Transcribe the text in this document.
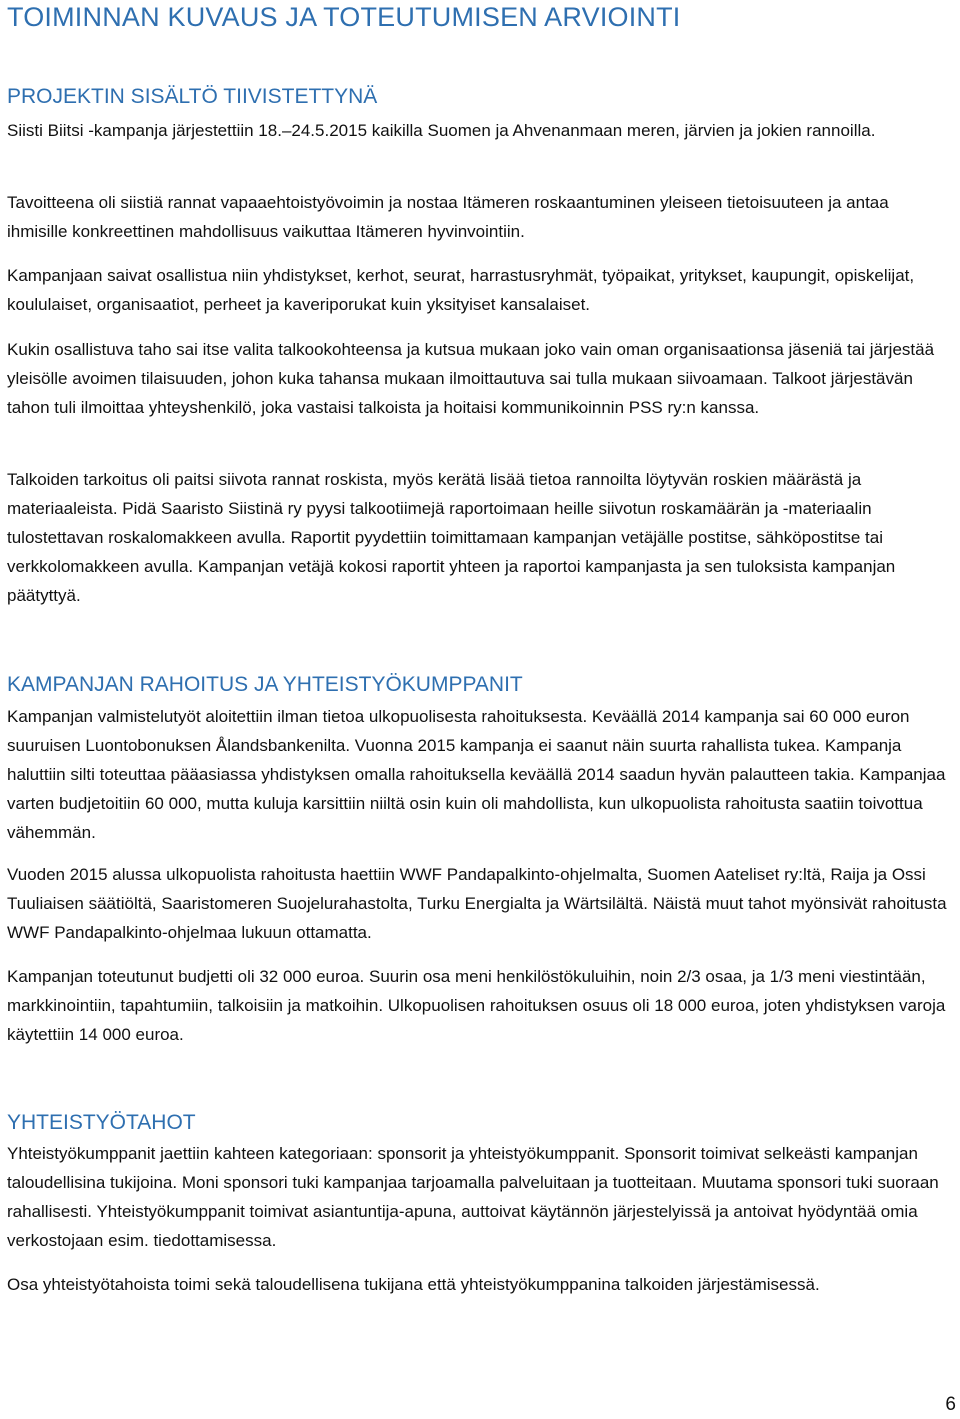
TOIMINNAN KUVAUS JA TOTEUTUMISEN ARVIOINTI
PROJEKTIN SISÄLTÖ TIIVISTETTYNÄ

Siisti Biitsi -kampanja järjestettiin 18.–24.5.2015 kaikilla Suomen ja Ahvenanmaan meren, järvien ja jokien rannoilla.

Tavoitteena oli siistiä rannat vapaaehtoistyövoimin ja nostaa Itämeren roskaantuminen yleiseen tietoisuuteen ja antaa ihmisille konkreettinen mahdollisuus vaikuttaa Itämeren hyvinvointiin.

Kampanjaan saivat osallistua niin yhdistykset, kerhot, seurat, harrastusryhmät, työpaikat, yritykset, kaupungit, opiskelijat, koululaiset, organisaatiot, perheet ja kaveriporukat kuin yksityiset kansalaiset.

Kukin osallistuva taho sai itse valita talkookohteensa ja kutsua mukaan joko vain oman organisaationsa jäseniä tai järjestää yleisölle avoimen tilaisuuden, johon kuka tahansa mukaan ilmoittautuva sai tulla mukaan siivoamaan. Talkoot järjestävän tahon tuli ilmoittaa yhteyshenkilö, joka vastaisi talkoista ja hoitaisi kommunikoinnin PSS ry:n kanssa.

Talkoiden tarkoitus oli paitsi siivota rannat roskista, myös kerätä lisää tietoa rannoilta löytyvän roskien määrästä ja materiaaleista. Pidä Saaristo Siistinä ry pyysi talkootiimejä raportoimaan heille siivotun roskamäärän ja -materiaalin tulostettavan roskalomakkeen avulla. Raportit pyydettiin toimittamaan kampanjan vetäjälle postitse, sähköpostitse tai verkkolomakkeen avulla. Kampanjan vetäjä kokosi raportit yhteen ja raportoi kampanjasta ja sen tuloksista kampanjan päätyttyä.

KAMPANJAN RAHOITUS JA YHTEISTYÖKUMPPANIT

Kampanjan valmistelutyöt aloitettiin ilman tietoa ulkopuolisesta rahoituksesta. Keväällä 2014 kampanja sai 60 000 euron suuruisen Luontobonuksen Ålandsbankenilta. Vuonna 2015 kampanja ei saanut näin suurta rahallista tukea. Kampanja haluttiin silti toteuttaa pääasiassa yhdistyksen omalla rahoituksella keväällä 2014 saadun hyvän palautteen takia. Kampanjaa varten budjetoitiin 60 000, mutta kuluja karsittiin niiltä osin kuin oli mahdollista, kun ulkopuolista rahoitusta saatiin toivottua vähemmän.

Vuoden 2015 alussa ulkopuolista rahoitusta haettiin WWF Pandapalkinto-ohjelmalta, Suomen Aateliset ry:ltä, Raija ja Ossi Tuuliaisen säätiöltä, Saaristomeren Suojelurahastolta, Turku Energialta ja Wärtsilältä. Näistä muut tahot myönsivät rahoitusta WWF Pandapalkinto-ohjelmaa lukuun ottamatta.

Kampanjan toteutunut budjetti oli 32 000 euroa. Suurin osa meni henkilöstökuluihin, noin 2/3 osaa, ja 1/3 meni viestintään, markkinointiin, tapahtumiin, talkoisiin ja matkoihin. Ulkopuolisen rahoituksen osuus oli 18 000 euroa, joten yhdistyksen varoja käytettiin 14 000 euroa.

YHTEISTYÖTAHOT

Yhteistyökumppanit jaettiin kahteen kategoriaan: sponsorit ja yhteistyökumppanit. Sponsorit toimivat selkeästi kampanjan taloudellisina tukijoina. Moni sponsori tuki kampanjaa tarjoamalla palveluitaan ja tuotteitaan. Muutama sponsori tuki suoraan rahallisesti. Yhteistyökumppanit toimivat asiantuntija-apuna, auttoivat käytännön järjestelyissä ja antoivat hyödyntää omia verkostojaan esim. tiedottamisessa.

Osa yhteistyötahoista toimi sekä taloudellisena tukijana että yhteistyökumppanina talkoiden järjestämisessä.

6
